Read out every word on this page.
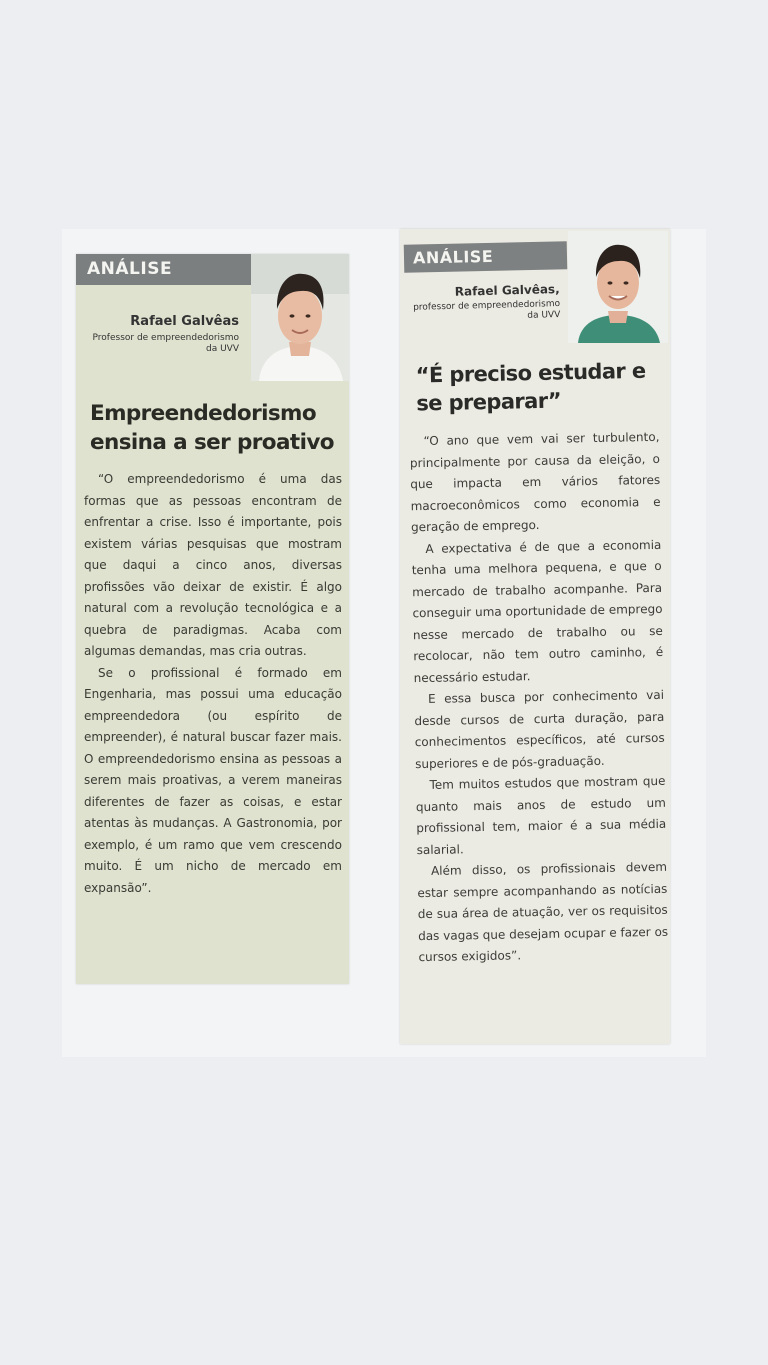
ANÁLISE
Rafael Galvêas
Professor de empreendedorismo da UVV
Empreendedorismo ensina a ser proativo

“O empreendedorismo é uma das formas que as pessoas encontram de enfrentar a crise. Isso é importante, pois existem várias pesquisas que mostram que daqui a cinco anos, diversas profissões vão deixar de existir. É algo natural com a revolução tecnológica e a quebra de paradigmas. Acaba com algumas demandas, mas cria outras.

Se o profissional é formado em Engenharia, mas possui uma educação empreendedora (ou espírito de empreender), é natural buscar fazer mais. O empreendedorismo ensina as pessoas a serem mais proativas, a verem maneiras diferentes de fazer as coisas, e estar atentas às mudanças. A Gastronomia, por exemplo, é um ramo que vem crescendo muito. É um nicho de mercado em expansão”.

ANÁLISE
Rafael Galvêas,
professor de empreendedorismo da UVV
“É preciso estudar e se preparar”

“O ano que vem vai ser turbulento, principalmente por causa da eleição, o que impacta em vários fatores macroeconômicos como economia e geração de emprego.

A expectativa é de que a economia tenha uma melhora pequena, e que o mercado de trabalho acompanhe. Para conseguir uma oportunidade de emprego nesse mercado de trabalho ou se recolocar, não tem outro caminho, é necessário estudar.

E essa busca por conhecimento vai desde cursos de curta duração, para conhecimentos específicos, até cursos superiores e de pós-graduação.

Tem muitos estudos que mostram que quanto mais anos de estudo um profissional tem, maior é a sua média salarial.

Além disso, os profissionais devem estar sempre acompanhando as notícias de sua área de atuação, ver os requisitos das vagas que desejam ocupar e fazer os cursos exigidos”.
